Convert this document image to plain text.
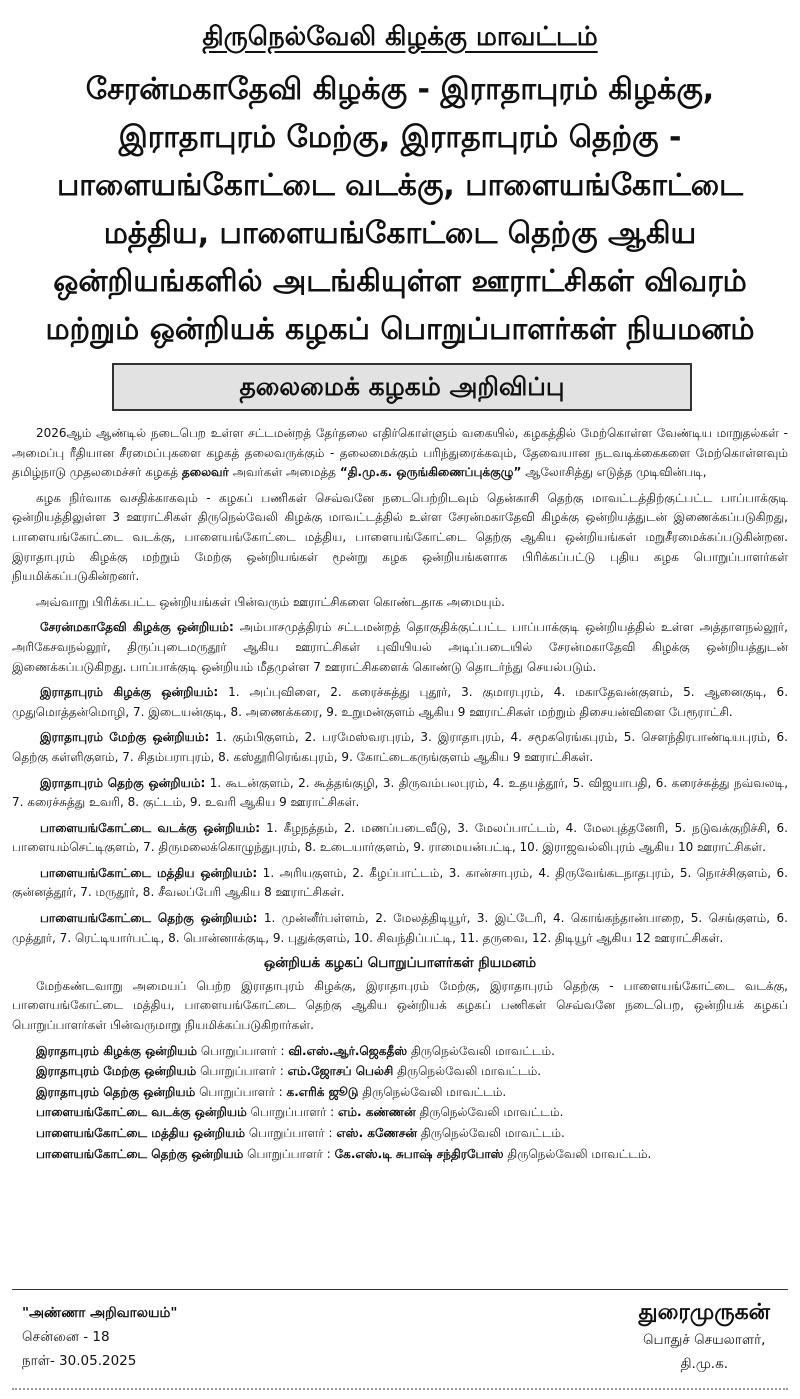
திருநெல்வேலி கிழக்கு மாவட்டம்
சேரன்மகாதேவி கிழக்கு - இராதாபுரம் கிழக்கு,
இராதாபுரம் மேற்கு, இராதாபுரம் தெற்கு -
பாளையங்கோட்டை வடக்கு, பாளையங்கோட்டை
மத்திய, பாளையங்கோட்டை தெற்கு ஆகிய
ஒன்றியங்களில் அடங்கியுள்ள ஊராட்சிகள் விவரம்
மற்றும் ஒன்றியக் கழகப் பொறுப்பாளர்கள் நியமனம்
தலைமைக் கழகம் அறிவிப்பு

2026ஆம் ஆண்டில் நடைபெற உள்ள சட்டமன்றத் தேர்தலை எதிர்கொள்ளும் வகையில், கழகத்தில் மேற்கொள்ள வேண்டிய மாறுதல்கள் - அமைப்பு ரீதியான சீரமைப்புகளை கழகத் தலைவருக்கும் - தலைமைக்கும் பரிந்துரைக்கவும், தேவையான நடவடிக்கைகளை மேற்கொள்ளவும் தமிழ்நாடு முதலமைச்சர் கழகத் தலைவர் அவர்கள் அமைத்த “தி.மு.க. ஒருங்கிணைப்புக்குழு” ஆலோசித்து எடுத்த முடிவின்படி,

கழக நிர்வாக வசதிக்காகவும் - கழகப் பணிகள் செவ்வனே நடைபெற்றிடவும் தென்காசி தெற்கு மாவட்டத்திற்குட்பட்ட பாப்பாக்குடி ஒன்றியத்திலுள்ள 3 ஊராட்சிகள் திருநெல்வேலி கிழக்கு மாவட்டத்தில் உள்ள சேரன்மகாதேவி கிழக்கு ஒன்றியத்துடன் இணைக்கப்படுகிறது, பாளையங்கோட்டை வடக்கு, பாளையங்கோட்டை மத்திய, பாளையங்கோட்டை தெற்கு ஆகிய ஒன்றியங்கள் மறுசீரமைக்கப்படுகின்றன. இராதாபுரம் கிழக்கு மற்றும் மேற்கு ஒன்றியங்கள் மூன்று கழக ஒன்றியங்களாக பிரிக்கப்பட்டு புதிய கழக பொறுப்பாளர்கள் நியமிக்கப்படுகின்றனர்.

அவ்வாறு பிரிக்கபட்ட ஒன்றியங்கள் பின்வரும் ஊராட்சிகளை கொண்டதாக அமையும்.

சேரன்மகாதேவி கிழக்கு ஒன்றியம்: அம்பாசமுத்திரம் சட்டமன்றத் தொகுதிக்குட்பட்ட பாப்பாக்குடி ஒன்றியத்தில் உள்ள அத்தாளநல்லூர், அரிகேசவநல்லூர், திருப்புடைமருதூர் ஆகிய ஊராட்சிகள் புவியியல் அடிப்படையில் சேரன்மகாதேவி கிழக்கு ஒன்றியத்துடன் இணைக்கப்படுகிறது. பாப்பாக்குடி ஒன்றியம் மீதமுள்ள 7 ஊராட்சிகளைக் கொண்டு தொடர்ந்து செயல்படும்.

இராதாபுரம் கிழக்கு ஒன்றியம்: 1. அப்புவிளை, 2. கரைச்சுத்து புதூர், 3. குமாரபுரம், 4. மகாதேவன்குளம், 5. ஆனைகுடி, 6. முதுமொத்தன்மொழி, 7. இடையன்குடி, 8. அணைக்கரை, 9. உறுமன்குளம் ஆகிய 9 ஊராட்சிகள் மற்றும் திசையன்விளை பேரூராட்சி.

இராதாபுரம் மேற்கு ஒன்றியம்: 1. கும்பிகுளம், 2. பரமேஸ்வரபுரம், 3. இராதாபுரம், 4. சமூகரெங்கபுரம், 5. சௌந்திரபாண்டியபுரம், 6. தெற்கு கள்ளிகுளம், 7. சிதம்பராபுரம், 8. கஸ்தூரிரெங்கபுரம், 9. கோட்டைகருங்குளம் ஆகிய 9 ஊராட்சிகள்.

இராதாபுரம் தெற்கு ஒன்றியம்: 1. கூடன்குளம், 2. கூத்தங்குழி, 3. திருவம்பலபுரம், 4. உதயத்தூர், 5. விஜயாபதி, 6. கரைச்சுத்து நவ்வலடி, 7. கரைச்சுத்து உவரி, 8. குட்டம், 9. உவரி ஆகிய 9 ஊராட்சிகள்.

பாளையங்கோட்டை வடக்கு ஒன்றியம்: 1. கீழநத்தம், 2. மணப்படைவீடு, 3. மேலப்பாட்டம், 4. மேலபுத்தனேரி, 5. நடுவக்குறிச்சி, 6. பாளையம்செட்டிகுளம், 7. திருமலைக்கொழுந்துபுரம், 8. உடையார்குளம், 9. ராமையன்பட்டி, 10. இராஜவல்லிபுரம் ஆகிய 10 ஊராட்சிகள்.

பாளையங்கோட்டை மத்திய ஒன்றியம்: 1. அரியகுளம், 2. கீழப்பாட்டம், 3. கான்சாபுரம், 4. திருவேங்கடநாதபுரம், 5. நொச்சிகுளம், 6. குன்னத்தூர், 7. மருதூர், 8. சீவலப்பேரி ஆகிய 8 ஊராட்சிகள்.

பாளையங்கோட்டை தெற்கு ஒன்றியம்: 1. முன்னீர்பள்ளம், 2. மேலத்திடியூர், 3. இட்டேரி, 4. கொங்கந்தான்பாறை, 5. செங்குளம், 6. முத்தூர், 7. ரெட்டியார்பட்டி, 8. பொன்னாக்குடி, 9. புதுக்குளம், 10. சிவந்திப்பட்டி, 11. தருவை, 12. திடியூர் ஆகிய 12 ஊராட்சிகள்.

ஒன்றியக் கழகப் பொறுப்பாளர்கள் நியமனம்

மேற்கண்டவாறு அமையப் பெற்ற இராதாபுரம் கிழக்கு, இராதாபுரம் மேற்கு, இராதாபுரம் தெற்கு - பாளையங்கோட்டை வடக்கு, பாளையங்கோட்டை மத்திய, பாளையங்கோட்டை தெற்கு ஆகிய ஒன்றியக் கழகப் பணிகள் செவ்வனே நடைபெற, ஒன்றியக் கழகப் பொறுப்பாளர்கள் பின்வருமாறு நியமிக்கப்படுகிறார்கள்.

இராதாபுரம் கிழக்கு ஒன்றியம் பொறுப்பாளர் : வி.எஸ்.ஆர்.ஜெகதீஸ் திருநெல்வேலி மாவட்டம்.

இராதாபுரம் மேற்கு ஒன்றியம் பொறுப்பாளர் : எம்.ஜோசப் பெல்சி திருநெல்வேலி மாவட்டம்.

இராதாபுரம் தெற்கு ஒன்றியம் பொறுப்பாளர் : க.எரிக் ஜூடு திருநெல்வேலி மாவட்டம்.

பாளையங்கோட்டை வடக்கு ஒன்றியம் பொறுப்பாளர் : எம். கண்ணன் திருநெல்வேலி மாவட்டம்.

பாளையங்கோட்டை மத்திய ஒன்றியம் பொறுப்பாளர் : எஸ். கணேசன் திருநெல்வேலி மாவட்டம்.

பாளையங்கோட்டை தெற்கு ஒன்றியம் பொறுப்பாளர் : கே.எஸ்.டி சுபாஷ் சந்திரபோஸ் திருநெல்வேலி மாவட்டம்.

"அண்ணா அறிவாலயம்"
சென்னை - 18
நாள்- 30.05.2025
துரைமுருகன்
பொதுச் செயலாளர்,
தி.மு.க.
